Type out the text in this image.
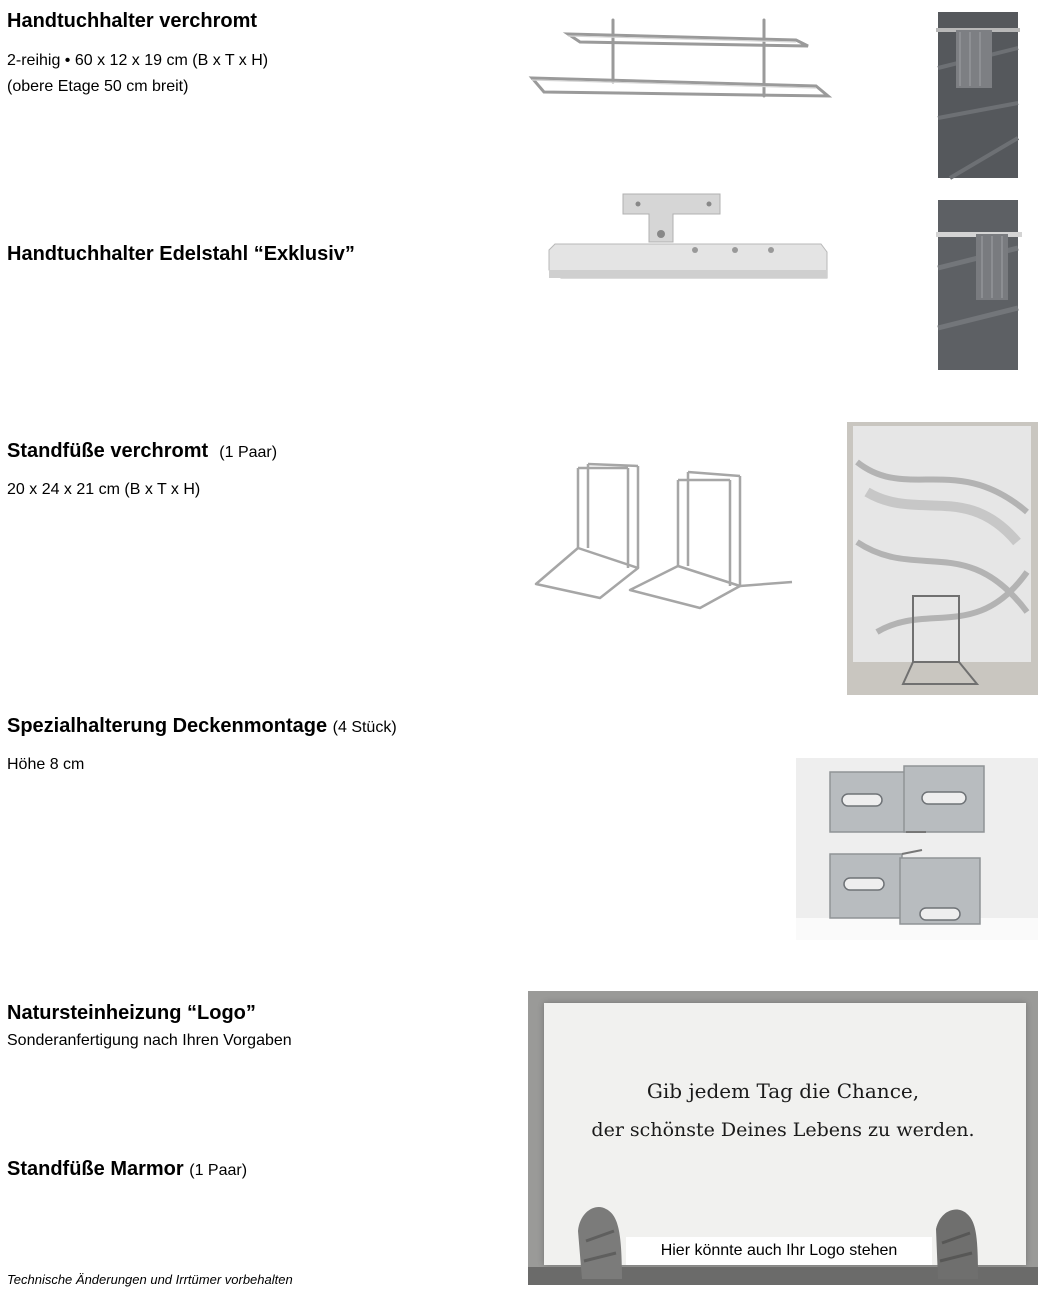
Handtuchhalter verchromt
2-reihig • 60 x 12 x 19 cm (B x T x H)
(obere Etage 50 cm breit)
Handtuchhalter Edelstahl “Exklusiv”
Standfüße verchromt (1 Paar)
20 x 24 x 21 cm (B x T x H)
Spezialhalterung Deckenmontage (4 Stück)
Höhe 8 cm
Natursteinheizung “Logo”
Sonderanfertigung nach Ihren Vorgaben
Standfüße Marmor (1 Paar)
Gib jedem Tag die Chance,
der schönste Deines Lebens zu werden.
Hier könnte auch Ihr Logo stehen
Technische Änderungen und Irrtümer vorbehalten
